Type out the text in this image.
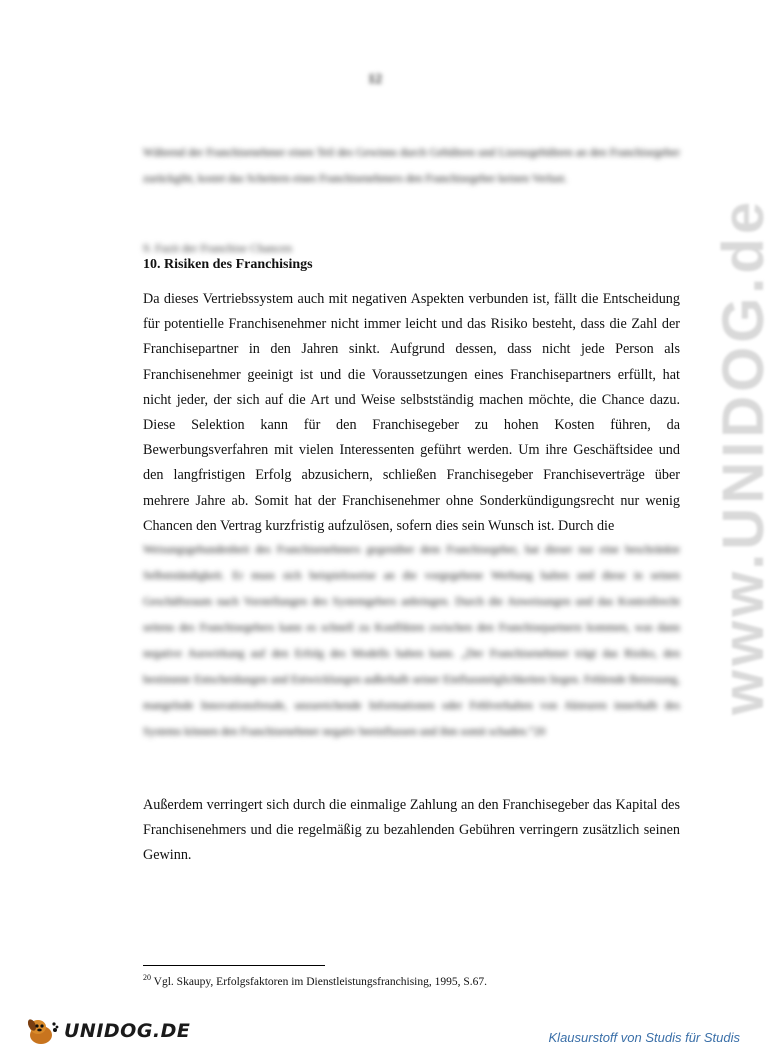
12
Während der Franchisenehmer einen Teil des Gewinns durch Gebühren und Lizenzgebühren an den Franchisegeber zurückgibt, kostet das Scheitern eines Franchisenehmers den Franchisegeber keinen Verlust.
9. Fazit der Franchise Chancen
10. Risiken des Franchisings
Da dieses Vertriebssystem auch mit negativen Aspekten verbunden ist, fällt die Entscheidung für potentielle Franchisenehmer nicht immer leicht und das Risiko besteht, dass die Zahl der Franchisepartner in den Jahren sinkt. Aufgrund dessen, dass nicht jede Person als Franchisenehmer geeinigt ist und die Voraussetzungen eines Franchisepartners erfüllt, hat nicht jeder, der sich auf die Art und Weise selbstständig machen möchte, die Chance dazu. Diese Selektion kann für den Franchisegeber zu hohen Kosten führen, da Bewerbungsverfahren mit vielen Interessenten geführt werden. Um ihre Geschäftsidee und den langfristigen Erfolg abzusichern, schließen Franchisegeber Franchiseverträge über mehrere Jahre ab. Somit hat der Franchisenehmer ohne Sonderkündigungsrecht nur wenig Chancen den Vertrag kurzfristig aufzulösen, sofern dies sein Wunsch ist. Durch die
Weisungsgebundenheit des Franchisenehmers gegenüber dem Franchisegeber, hat dieser nur eine beschränkte Selbstständigkeit. Er muss sich beispielsweise an die vorgegebene Werbung halten und diese in seinen Geschäftsraum nach Vorstellungen des Systemgebers anbringen. Durch die Anweisungen und das Kontrollrecht seitens des Franchisegebers kann es schnell zu Konflikten zwischen den Franchisepartnern kommen, was dann negative Auswirkung auf den Erfolg des Modells haben kann. „Der Franchisenehmer trägt das Risiko, den bestimmte Entscheidungen und Entwicklungen außerhalb seiner Einflussmöglichkeiten liegen. Fehlende Betreuung, mangelnde Innovationsfreude, unzureichende Informationen oder Fehlverhalten von Akteuren innerhalb des Systems können den Franchisenehmer negativ beeinflussen und ihm somit schaden.“20
Außerdem verringert sich durch die einmalige Zahlung an den Franchisegeber das Kapital des Franchisenehmers und die regelmäßig zu bezahlenden Gebühren verringern zusätzlich seinen Gewinn.
www.UNIDOG.de
$^{20}$ Vgl. Skaupy, Erfolgsfaktoren im Dienstleistungsfranchising, 1995, S.67.
UNIDOG.DE	Klausurstoff von Studis für Studis
